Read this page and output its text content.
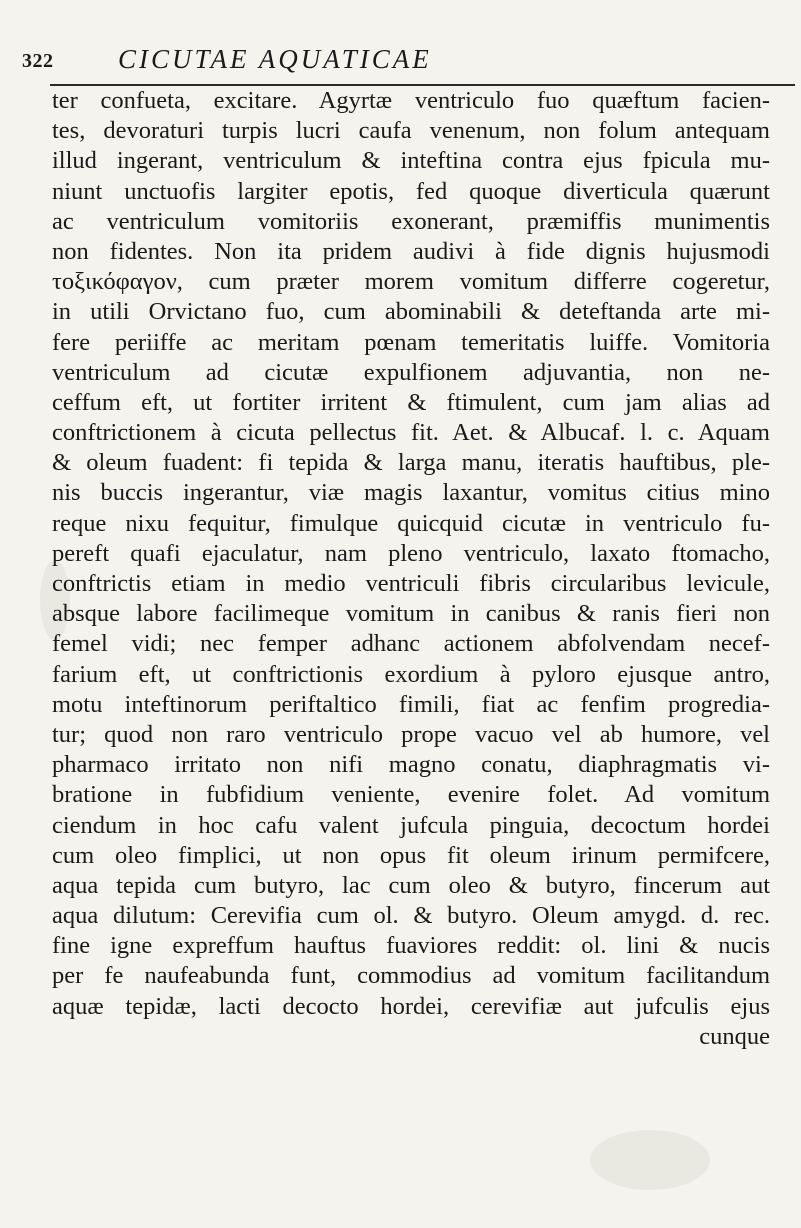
322 CICUTAE AQUATICAE
ter confueta, excitare. Agyrtæ ventriculo fuo quæftum facien-
tes, devoraturi turpis lucri caufa venenum, non folum antequam
illud ingerant, ventriculum & inteftina contra ejus fpicula mu-
niunt unctuofis largiter epotis, fed quoque diverticula quærunt
ac ventriculum vomitoriis exonerant, præmiffis munimentis
non fidentes. Non ita pridem audivi à fide dignis hujusmodi
τοξικόφαγον, cum præter morem vomitum differre cogeretur,
in utili Orvictano fuo, cum abominabili & deteftanda arte mi-
fere periiffe ac meritam pœnam temeritatis luiffe. Vomitoria
ventriculum ad cicutæ expulfionem adjuvantia, non ne-
ceffum eft, ut fortiter irritent & ftimulent, cum jam alias ad
conftrictionem à cicuta pellectus fit. Aet. & Albucaf. l. c. Aquam
& oleum fuadent: fi tepida & larga manu, iteratis hauftibus, ple-
nis buccis ingerantur, viæ magis laxantur, vomitus citius mino
reque nixu fequitur, fimulque quicquid cicutæ in ventriculo fu-
pereft quafi ejaculatur, nam pleno ventriculo, laxato ftomacho,
conftrictis etiam in medio ventriculi fibris circularibus levicule,
absque labore facilimeque vomitum in canibus & ranis fieri non
femel vidi; nec femper adhanc actionem abfolvendam necef-
farium eft, ut conftrictionis exordium à pyloro ejusque antro,
motu inteftinorum periftaltico fimili, fiat ac fenfim progredia-
tur; quod non raro ventriculo prope vacuo vel ab humore, vel
pharmaco irritato non nifi magno conatu, diaphragmatis vi-
bratione in fubfidium veniente, evenire folet. Ad vomitum
ciendum in hoc cafu valent jufcula pinguia, decoctum hordei
cum oleo fimplici, ut non opus fit oleum irinum permifcere,
aqua tepida cum butyro, lac cum oleo & butyro, fincerum aut
aqua dilutum: Cerevifia cum ol. & butyro. Oleum amygd. d. rec.
fine igne expreffum hauftus fuaviores reddit: ol. lini & nucis
per fe naufeabunda funt, commodius ad vomitum facilitandum
aquæ tepidæ, lacti decocto hordei, cerevifiæ aut jufculis ejus
cunque
